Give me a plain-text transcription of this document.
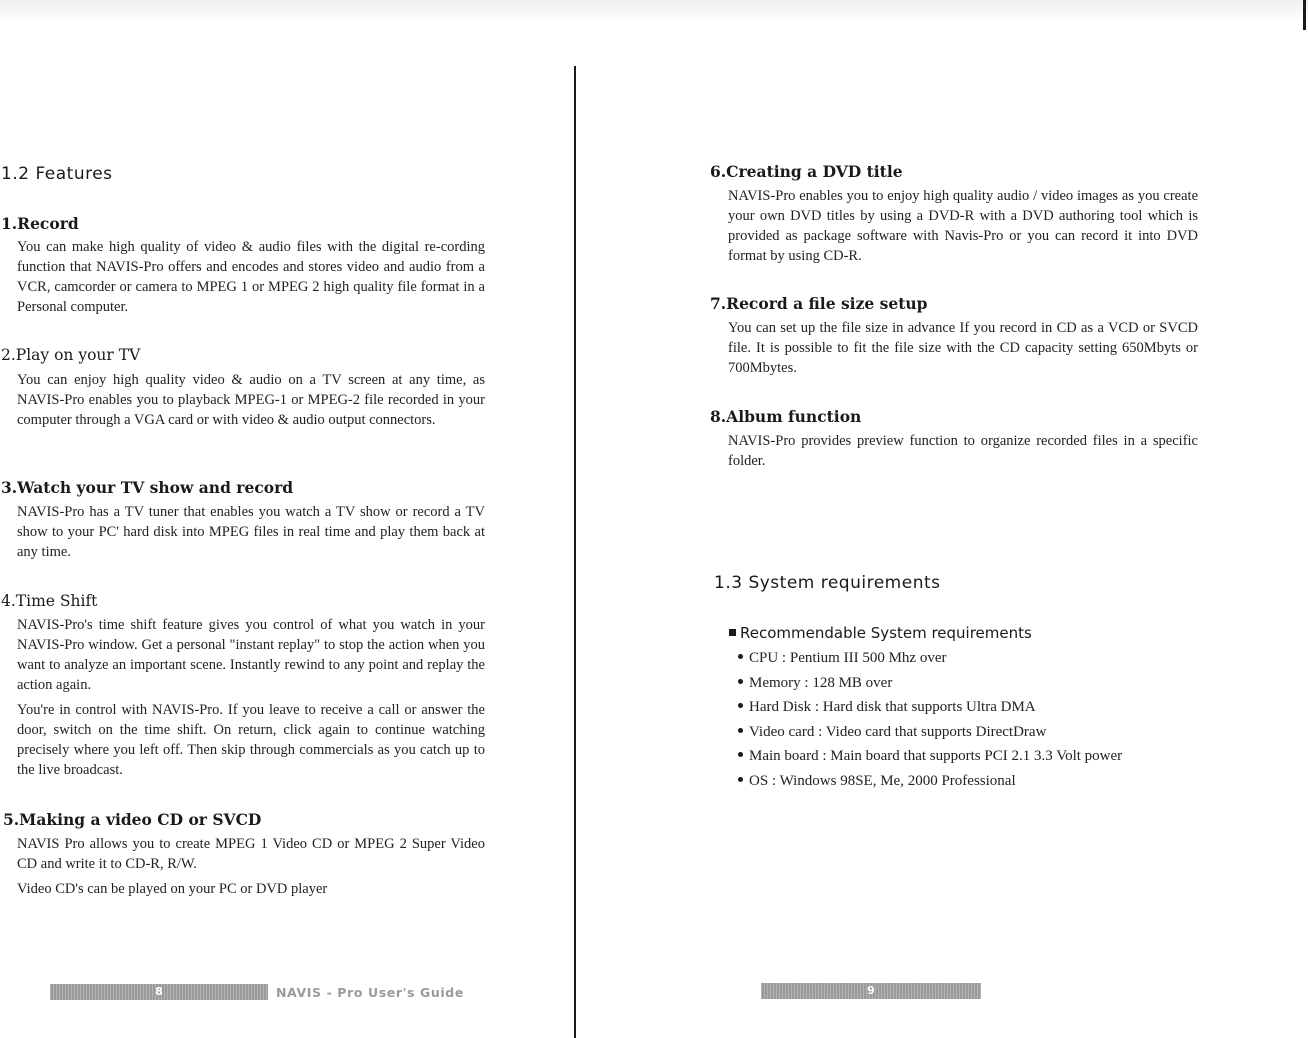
1.2 Features
1.Record

You can make high quality of video & audio files with the digital re-cording function that NAVIS-Pro offers and encodes and stores video and audio from a VCR, camcorder or camera to MPEG 1 or MPEG 2 high quality file format in a Personal computer.

2.Play on your TV

You can enjoy high quality video & audio on a TV screen at any time, as NAVIS-Pro enables you to playback MPEG-1 or MPEG-2 file recorded in your computer through a VGA card or with video & audio output connectors.

3.Watch your TV show and record

NAVIS-Pro has a TV tuner that enables you watch a TV show or record a TV show to your PC' hard disk into MPEG files in real time and play them back at any time.

4.Time Shift

NAVIS-Pro's time shift feature gives you control of what you watch in your NAVIS-Pro window. Get a personal "instant replay" to stop the action when you want to analyze an important scene. Instantly rewind to any point and replay the action again.

You're in control with NAVIS-Pro. If you leave to receive a call or answer the door, switch on the time shift. On return, click again to continue watching precisely where you left off. Then skip through commercials as you catch up to the live broadcast.

5.Making a video CD or SVCD

NAVIS Pro allows you to create MPEG 1 Video CD or MPEG 2 Super Video CD and write it to CD-R, R/W.

Video CD's can be played on your PC or DVD player

8	NAVIS - Pro User's Guide
6.Creating a DVD title

NAVIS-Pro enables you to enjoy high quality audio / video images as you create your own DVD titles by using a DVD-R with a DVD authoring tool which is provided as package software with Navis-Pro or you can record it into DVD format by using CD-R.

7.Record a file size setup

You can set up the file size in advance If you record in CD as a VCD or SVCD file. It is possible to fit the file size with the CD capacity setting 650Mbyts or 700Mbytes.

8.Album function

NAVIS-Pro provides preview function to organize recorded files in a specific folder.

1.3 System requirements
9
Recommendable System requirements
CPU : Pentium III 500 Mhz over
Memory : 128 MB over
Hard Disk : Hard disk that supports Ultra DMA
Video card : Video card that supports DirectDraw
Main board : Main board that supports PCI 2.1 3.3 Volt power
OS : Windows 98SE, Me, 2000 Professional
